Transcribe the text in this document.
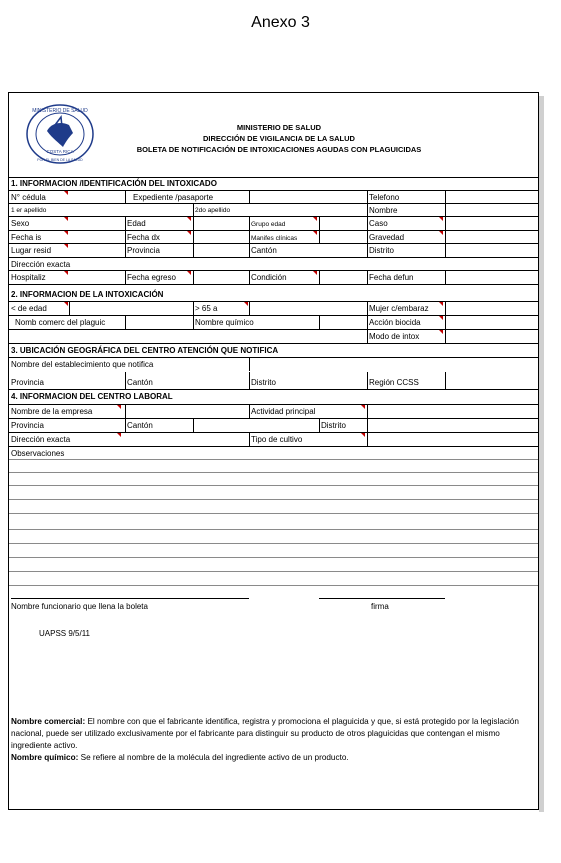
Anexo 3
MINISTERIO DE SALUD
COSTA RICA
POR EL BIEN DE LA SALUD
MINISTERIO DE SALUD
DIRECCIÓN DE VIGILANCIA DE LA SALUD
BOLETA DE NOTIFICACIÓN DE INTOXICACIONES AGUDAS CON PLAGUICIDAS
1. INFORMACION /IDENTIFICACIÓN DEL INTOXICADO
N° cédula	Expediente /pasaporte	Telefono
1 er apellido	2do apellido	Nombre
Sexo	Edad	Grupo edad	Caso
Fecha is	Fecha dx	Manifes clínicas	Gravedad
Lugar resid	Provincia	Cantón	Distrito
Dirección exacta
Hospitaliz	Fecha egreso	Condición	Fecha defun
2. INFORMACION DE LA INTOXICACIÓN
< de edad	> 65 a	Mujer c/embaraz
Nomb comerc del plaguic	Nombre químico	Acción biocida
Modo de intox
3. UBICACIÓN GEOGRÁFICA DEL CENTRO ATENCIÓN QUE NOTIFICA
Nombre del establecimiento que notifica
Provincia	Cantón	Distrito	Región CCSS
4. INFORMACION DEL CENTRO LABORAL
Nombre de la empresa	Actividad principal
Provincia	Cantón	Distrito
Dirección exacta	Tipo de cultivo
Observaciones
Nombre funcionario que llena la boleta	firma
UAPSS 9/5/11
Nombre comercial: El nombre con que el fabricante identifica, registra y promociona el plaguicida y que, si está protegido por la legislación nacional, puede ser utilizado exclusivamente por el fabricante para distinguir su producto de otros plaguicidas que contengan el mismo ingrediente activo.
Nombre químico: Se refiere al nombre de la molécula del ingrediente activo de un producto.
